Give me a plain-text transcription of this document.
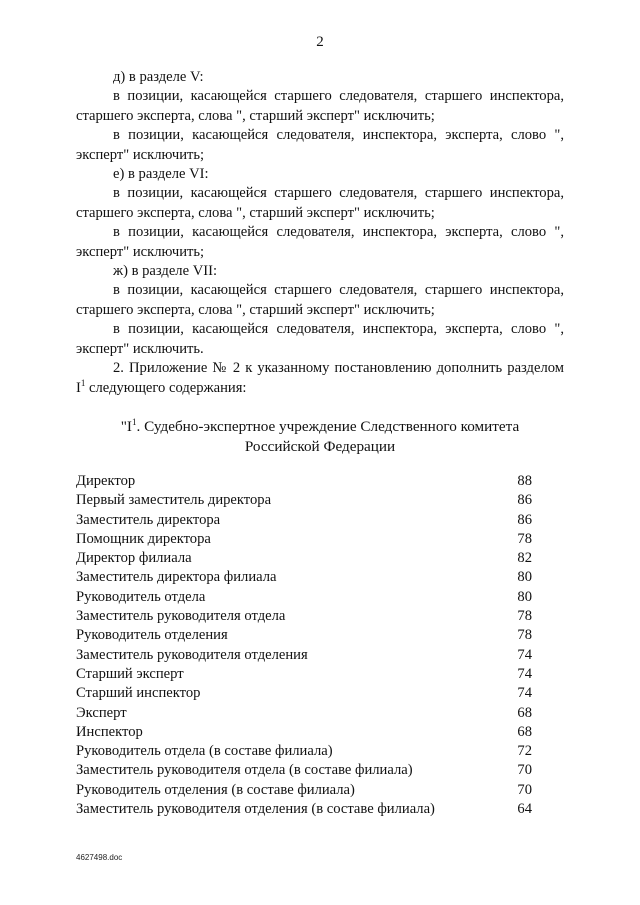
2

д) в разделе V:

в позиции, касающейся старшего следователя, старшего инспектора, старшего эксперта, слова ", старший эксперт" исключить;

в позиции, касающейся следователя, инспектора, эксперта, слово ", эксперт" исключить;

е) в разделе VI:

в позиции, касающейся старшего следователя, старшего инспектора, старшего эксперта, слова ", старший эксперт" исключить;

в позиции, касающейся следователя, инспектора, эксперта, слово ", эксперт" исключить;

ж) в разделе VII:

в позиции, касающейся старшего следователя, старшего инспектора, старшего эксперта, слова ", старший эксперт" исключить;

в позиции, касающейся следователя, инспектора, эксперта, слово ", эксперт" исключить.

2. Приложение № 2 к указанному постановлению дополнить разделом $I^1$ следующего содержания:

"$I^1$. Судебно-экспертное учреждение Следственного комитета
Российской Федерации
Директор	88
Первый заместитель директора	86
Заместитель директора	86
Помощник директора	78
Директор филиала	82
Заместитель директора филиала	80
Руководитель отдела	80
Заместитель руководителя отдела	78
Руководитель отделения	78
Заместитель руководителя отделения	74
Старший эксперт	74
Старший инспектор	74
Эксперт	68
Инспектор	68
Руководитель отдела (в составе филиала)	72
Заместитель руководителя отдела (в составе филиала)	70
Руководитель отделения (в составе филиала)	70
Заместитель руководителя отделения (в составе филиала)	64
4627498.doc
